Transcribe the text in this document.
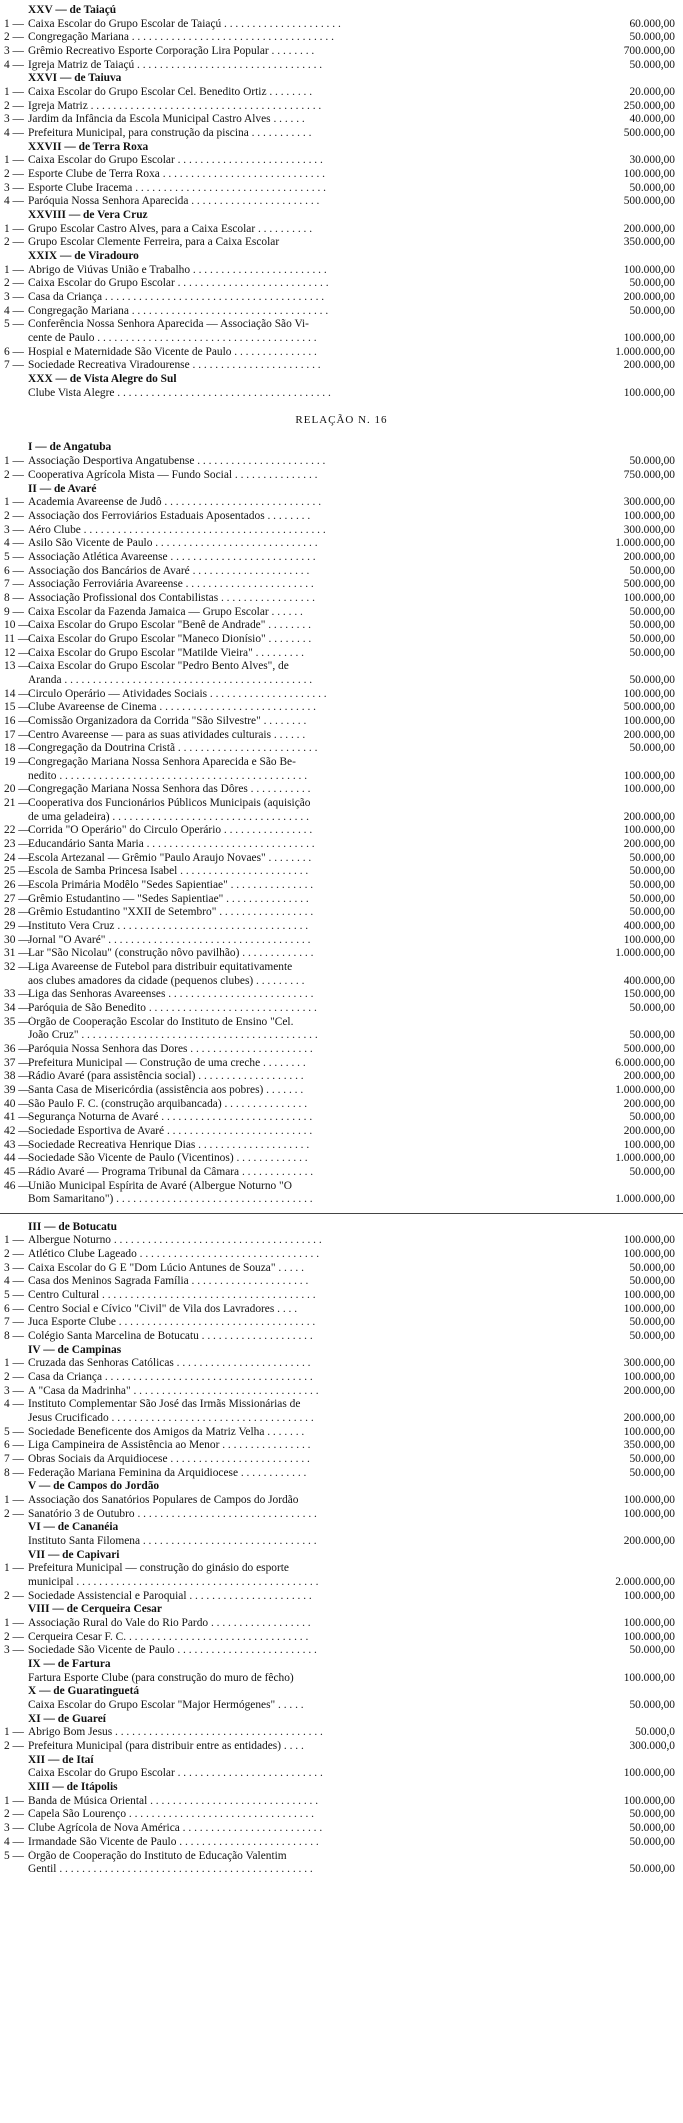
XXV — de Taiaçú
1 — Caixa Escolar do Grupo Escolar de Taiaçú . . . . . . . . . . . . . . . . . . . . .	60.000,00
2 — Congregação Mariana . . . . . . . . . . . . . . . . . . . . . . . . . . . . . . . . . . . .	50.000,00
3 — Grêmio Recreativo Esporte Corporação Lira Popular . . . . . . . .	700.000,00
4 — Igreja Matriz de Taiaçú . . . . . . . . . . . . . . . . . . . . . . . . . . . . . . . . .	50.000,00
XXVI — de Taiuva
1 — Caixa Escolar do Grupo Escolar Cel. Benedito Ortiz . . . . . . . .	20.000,00
2 — Igreja Matriz . . . . . . . . . . . . . . . . . . . . . . . . . . . . . . . . . . . . . . . . .	250.000,00
3 — Jardim da Infância da Escola Municipal Castro Alves . . . . . .	40.000,00
4 — Prefeitura Municipal, para construção da piscina . . . . . . . . . . .	500.000,00
XXVII — de Terra Roxa
1 — Caixa Escolar do Grupo Escolar . . . . . . . . . . . . . . . . . . . . . . . . . .	30.000,00
2 — Esporte Clube de Terra Roxa . . . . . . . . . . . . . . . . . . . . . . . . . . . . .	100.000,00
3 — Esporte Clube Iracema . . . . . . . . . . . . . . . . . . . . . . . . . . . . . . . . . .	50.000,00
4 — Paróquia Nossa Senhora Aparecida . . . . . . . . . . . . . . . . . . . . . . .	500.000,00
XXVIII — de Vera Cruz
1 — Grupo Escolar Castro Alves, para a Caixa Escolar . . . . . . . . . .	200.000,00
2 — Grupo Escolar Clemente Ferreira, para a Caixa Escolar	350.000,00
XXIX — de Viradouro
1 — Abrigo de Viúvas União e Trabalho . . . . . . . . . . . . . . . . . . . . . . . .	100.000,00
2 — Caixa Escolar do Grupo Escolar . . . . . . . . . . . . . . . . . . . . . . . . . . .	50.000,00
3 — Casa da Criança . . . . . . . . . . . . . . . . . . . . . . . . . . . . . . . . . . . . . . .	200.000,00
4 — Congregação Mariana . . . . . . . . . . . . . . . . . . . . . . . . . . . . . . . . . . .	50.000,00
5 — Conferência Nossa Senhora Aparecida — Associação São Vi-
cente de Paulo . . . . . . . . . . . . . . . . . . . . . . . . . . . . . . . . . . . . . . .	100.000,00
6 — Hospial e Maternidade São Vicente de Paulo . . . . . . . . . . . . . . .	1.000.000,00
7 — Sociedade Recreativa Viradourense . . . . . . . . . . . . . . . . . . . . . . .	200.000,00
XXX — de Vista Alegre do Sul
Clube Vista Alegre . . . . . . . . . . . . . . . . . . . . . . . . . . . . . . . . . . . . . .	100.000,00
RELAÇÃO N. 16
I — de Angatuba
1 — Associação Desportiva Angatubense . . . . . . . . . . . . . . . . . . . . . . .	50.000,00
2 — Cooperativa Agrícola Mista — Fundo Social . . . . . . . . . . . . . . .	750.000,00
II — de Avaré
1 — Academia Avareense de Judô . . . . . . . . . . . . . . . . . . . . . . . . . . . .	300.000,00
2 — Associação dos Ferroviários Estaduais Aposentados . . . . . . . .	100.000,00
3 — Aéro Clube . . . . . . . . . . . . . . . . . . . . . . . . . . . . . . . . . . . . . . . . . . .	300.000,00
4 — Asilo São Vicente de Paulo . . . . . . . . . . . . . . . . . . . . . . . . . . . . .	1.000.000,00
5 — Associação Atlética Avareense . . . . . . . . . . . . . . . . . . . . . . . . . .	200.000,00
6 — Associação dos Bancários de Avaré . . . . . . . . . . . . . . . . . . . . .	50.000,00
7 — Associação Ferroviária Avareense . . . . . . . . . . . . . . . . . . . . . . .	500.000,00
8 — Associação Profissional dos Contabilistas . . . . . . . . . . . . . . . . .	100.000,00
9 — Caixa Escolar da Fazenda Jamaica — Grupo Escolar . . . . . .	50.000,00
10 —
Caixa Escolar do Grupo Escolar "Benê de Andrade" . . . . . . . .	50.000,00
11 —
Caixa Escolar do Grupo Escolar "Maneco Dionísio" . . . . . . . .	50.000,00
12 —
Caixa Escolar do Grupo Escolar "Matilde Vieira" . . . . . . . . .	50.000,00
13 —
Caixa Escolar do Grupo Escolar "Pedro Bento Alves", de
Aranda . . . . . . . . . . . . . . . . . . . . . . . . . . . . . . . . . . . . . . . . . . . .	50.000,00
14 —
Circulo Operário — Atividades Sociais . . . . . . . . . . . . . . . . . . . . .	100.000,00
15 —
Clube Avareense de Cinema . . . . . . . . . . . . . . . . . . . . . . . . . . . .	500.000,00
16 —
Comissão Organizadora da Corrida "São Silvestre" . . . . . . . .	100.000,00
17 —
Centro Avareense — para as suas atividades culturais . . . . . .	200.000,00
18 —
Congregação da Doutrina Cristã . . . . . . . . . . . . . . . . . . . . . . . . .	50.000,00
19 —
Congregação Mariana Nossa Senhora Aparecida e São Be-
nedito . . . . . . . . . . . . . . . . . . . . . . . . . . . . . . . . . . . . . . . . . . . .	100.000,00
20 —
Congregação Mariana Nossa Senhora das Dôres . . . . . . . . . . .	100.000,00
21 —
Cooperativa dos Funcionários Públicos Municipais (aquisição
de uma geladeira) . . . . . . . . . . . . . . . . . . . . . . . . . . . . . . . . . . .	200.000,00
22 —
Corrida "O Operário" do Circulo Operário . . . . . . . . . . . . . . . .	100.000,00
23 —
Educandário Santa Maria . . . . . . . . . . . . . . . . . . . . . . . . . . . . . .	200.000,00
24 —
Escola Artezanal — Grêmio "Paulo Araujo Novaes" . . . . . . . .	50.000,00
25 —
Escola de Samba Princesa Isabel . . . . . . . . . . . . . . . . . . . . . . .	50.000,00
26 —
Escola Primária Modêlo "Sedes Sapientiae" . . . . . . . . . . . . . . .	50.000,00
27 —
Grêmio Estudantino — "Sedes Sapientiae" . . . . . . . . . . . . . . .	50.000,00
28 —
Grêmio Estudantino "XXII de Setembro" . . . . . . . . . . . . . . . . .	50.000,00
29 —
Instituto Vera Cruz . . . . . . . . . . . . . . . . . . . . . . . . . . . . . . . . . .	400.000,00
30 —
Jornal "O Avaré" . . . . . . . . . . . . . . . . . . . . . . . . . . . . . . . . . . . .	100.000,00
31 —
Lar "São Nicolau" (construção nôvo pavilhão) . . . . . . . . . . . . .	1.000.000,00
32 —
Liga Avareense de Futebol para distribuir equitativamente
aos clubes amadores da cidade (pequenos clubes) . . . . . . . . .	400.000,00
33 —
Liga das Senhoras Avareenses . . . . . . . . . . . . . . . . . . . . . . . . . .	150.000,00
34 —
Paróquia de São Benedito . . . . . . . . . . . . . . . . . . . . . . . . . . . . . .	50.000,00
35 —
Órgão de Cooperação Escolar do Instituto de Ensino "Cel.
João Cruz" . . . . . . . . . . . . . . . . . . . . . . . . . . . . . . . . . . . . . . . . . .	50.000,00
36 —
Paróquia Nossa Senhora das Dores . . . . . . . . . . . . . . . . . . . . . .	500.000,00
37 —
Prefeitura Municipal — Construção de uma creche . . . . . . . .	6.000.000,00
38 —
Rádio Avaré (para assistência social) . . . . . . . . . . . . . . . . . . .	200.000,00
39 —
Santa Casa de Misericórdia (assistência aos pobres) . . . . . . .	1.000.000,00
40 —
São Paulo F. C. (construção arquibancada) . . . . . . . . . . . . . . .	200.000,00
41 —
Segurança Noturna de Avaré . . . . . . . . . . . . . . . . . . . . . . . . . . .	50.000,00
42 —
Sociedade Esportiva de Avaré . . . . . . . . . . . . . . . . . . . . . . . . . .	200.000,00
43 —
Sociedade Recreativa Henrique Dias . . . . . . . . . . . . . . . . . . . .	100.000,00
44 —
Sociedade São Vicente de Paulo (Vicentinos) . . . . . . . . . . . . .	1.000.000,00
45 —
Rádio Avaré — Programa Tribunal da Câmara . . . . . . . . . . . . .	50.000,00
46 —
União Municipal Espírita de Avaré (Albergue Noturno "O
Bom Samaritano") . . . . . . . . . . . . . . . . . . . . . . . . . . . . . . . . . . .	1.000.000,00
III — de Botucatu
1 — Albergue Noturno . . . . . . . . . . . . . . . . . . . . . . . . . . . . . . . . . . . . .	100.000,00
2 — Atlético Clube Lageado . . . . . . . . . . . . . . . . . . . . . . . . . . . . . . . .	100.000,00
3 — Caixa Escolar do G E "Dom Lúcio Antunes de Souza" . . . . .	50.000,00
4 — Casa dos Meninos Sagrada Família . . . . . . . . . . . . . . . . . . . . .	50.000,00
5 — Centro Cultural . . . . . . . . . . . . . . . . . . . . . . . . . . . . . . . . . . . . . .	100.000,00
6 — Centro Social e Cívico "Civil" de Vila dos Lavradores . . . .	100.000,00
7 — Juca Esporte Clube . . . . . . . . . . . . . . . . . . . . . . . . . . . . . . . . . . .	50.000,00
8 — Colégio Santa Marcelina de Botucatu . . . . . . . . . . . . . . . . . . . .	50.000,00
IV — de Campinas
1 — Cruzada das Senhoras Católicas . . . . . . . . . . . . . . . . . . . . . . . .	300.000,00
2 — Casa da Criança . . . . . . . . . . . . . . . . . . . . . . . . . . . . . . . . . . . . .	100.000,00
3 — A "Casa da Madrinha" . . . . . . . . . . . . . . . . . . . . . . . . . . . . . . . . .	200.000,00
4 — Instituto Complementar São José das Irmãs Missionárias de
Jesus Crucificado . . . . . . . . . . . . . . . . . . . . . . . . . . . . . . . . . . . .	200.000,00
5 — Sociedade Beneficente dos Amigos da Matriz Velha . . . . . . .	100.000,00
6 — Liga Campineira de Assistência ao Menor . . . . . . . . . . . . . . . .	350.000,00
7 — Obras Sociais da Arquidiocese . . . . . . . . . . . . . . . . . . . . . . . . .	50.000,00
8 — Federação Mariana Feminina da Arquidiocese . . . . . . . . . . . .	50.000,00
V — de Campos do Jordão
1 — Associação dos Sanatórios Populares de Campos do Jordão	100.000,00
2 — Sanatório 3 de Outubro . . . . . . . . . . . . . . . . . . . . . . . . . . . . . . . .	100.000,00
VI — de Cananéia
Instituto Santa Filomena . . . . . . . . . . . . . . . . . . . . . . . . . . . . . . .	200.000,00
VII — de Capivari
1 — Prefeitura Municipal — construção do ginásio do esporte
municipal . . . . . . . . . . . . . . . . . . . . . . . . . . . . . . . . . . . . . . . . . . .	2.000.000,00
2 — Sociedade Assistencial e Paroquial . . . . . . . . . . . . . . . . . . . . . .	100.000,00
VIII — de Cerqueira Cesar
1 — Associação Rural do Vale do Rio Pardo . . . . . . . . . . . . . . . . . .	100.000,00
2 — Cerqueira Cesar F. C. . . . . . . . . . . . . . . . . . . . . . . . . . . . . . . . .	100.000,00
3 — Sociedade São Vicente de Paulo . . . . . . . . . . . . . . . . . . . . . . . . .	50.000,00
IX — de Fartura
Fartura Esporte Clube (para construção do muro de fêcho)	100.000,00
X — de Guaratinguetá
Caixa Escolar do Grupo Escolar "Major Hermógenes" . . . . .	50.000,00
XI — de Guareí
1 — Abrigo Bom Jesus . . . . . . . . . . . . . . . . . . . . . . . . . . . . . . . . . . . . .	50.000,0
2 — Prefeitura Municipal (para distribuir entre as entidades) . . . .	300.000,0
XII — de Itaí
Caixa Escolar do Grupo Escolar . . . . . . . . . . . . . . . . . . . . . . . . . .	100.000,00
XIII — de Itápolis
1 — Banda de Música Oriental . . . . . . . . . . . . . . . . . . . . . . . . . . . . . .	100.000,00
2 — Capela São Lourenço . . . . . . . . . . . . . . . . . . . . . . . . . . . . . . . . .	50.000,00
3 — Clube Agrícola de Nova América . . . . . . . . . . . . . . . . . . . . . . . . .	50.000,00
4 — Irmandade São Vicente de Paulo . . . . . . . . . . . . . . . . . . . . . . . . .	50.000,00
5 — Órgão de Cooperação do Instituto de Educação Valentim
Gentil . . . . . . . . . . . . . . . . . . . . . . . . . . . . . . . . . . . . . . . . . . . . .	50.000,00
